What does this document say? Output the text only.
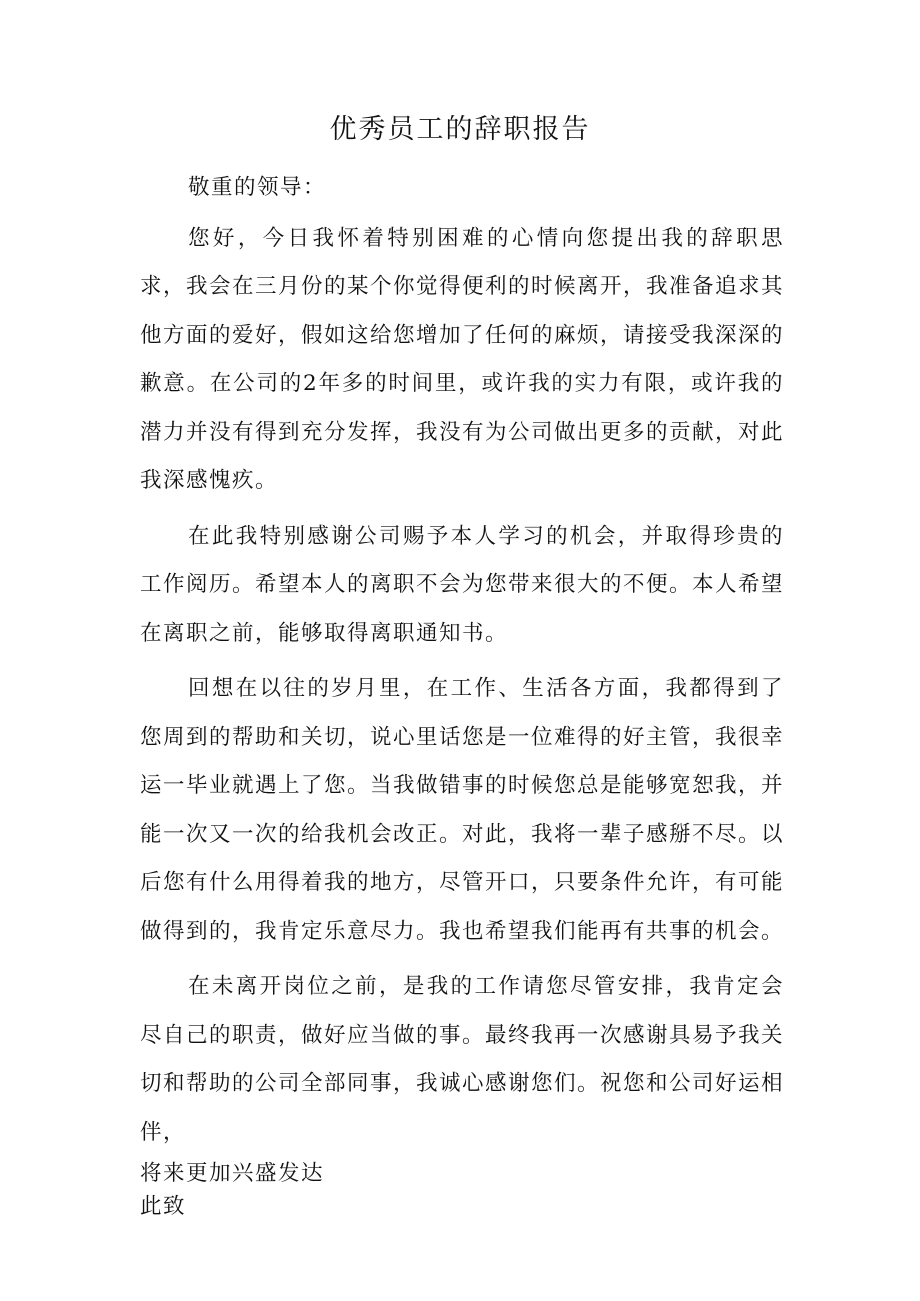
优秀员工的辞职报告

敬重的领导：

您好，今日我怀着特别困难的心情向您提出我的辞职思求，我会在三月份的某个你觉得便利的时候离开，我准备追求其他方面的爱好，假如这给您增加了任何的麻烦，请接受我深深的歉意。在公司的2年多的时间里，或许我的实力有限，或许我的潜力并没有得到充分发挥，我没有为公司做出更多的贡献，对此我深感愧疚。

在此我特别感谢公司赐予本人学习的机会，并取得珍贵的工作阅历。希望本人的离职不会为您带来很大的不便。本人希望在离职之前，能够取得离职通知书。

回想在以往的岁月里，在工作、生活各方面，我都得到了您周到的帮助和关切，说心里话您是一位难得的好主管，我很幸运一毕业就遇上了您。当我做错事的时候您总是能够宽恕我，并能一次又一次的给我机会改正。对此，我将一辈子感掰不尽。以后您有什么用得着我的地方，尽管开口，只要条件允许，有可能做得到的，我肯定乐意尽力。我也希望我们能再有共事的机会。

在未离开岗位之前，是我的工作请您尽管安排，我肯定会尽自己的职责，做好应当做的事。最终我再一次感谢具易予我关切和帮助的公司全部同事，我诚心感谢您们。祝您和公司好运相伴，

将来更加兴盛发达

此致
